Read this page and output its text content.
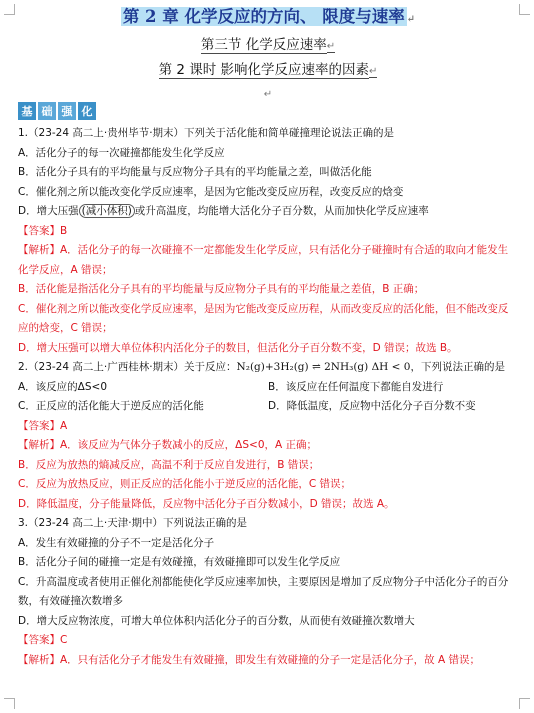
第 2 章 化学反应的方向、 限度与速率 ↵

第三节 化学反应速率↵

第 2 课时 影响化学反应速率的因素↵

↵
基 础 强 化
1.（23-24 高二上·贵州毕节·期末）下列关于活化能和简单碰撞理论说法正确的是
A．活化分子的每一次碰撞都能发生化学反应
B．活化分子具有的平均能量与反应物分子具有的平均能量之差，叫做活化能
C．催化剂之所以能改变化学反应速率，是因为它能改变反应历程，改变反应的焓变
D．增大压强 (减小体积) 或升高温度，均能增大活化分子百分数，从而加快化学反应速率
【答案】B
【解析】A．活化分子的每一次碰撞不一定都能发生化学反应，只有活化分子碰撞时有合适的取向才能发生
化学反应，A 错误；
B．活化能是指活化分子具有的平均能量与反应物分子具有的平均能量之差值，B 正确；
C．催化剂之所以能改变化学反应速率，是因为它能改变反应历程，从而改变反应的活化能，但不能改变反
应的焓变，C 错误；
D．增大压强可以增大单位体积内活化分子的数目，但活化分子百分数不变，D 错误；故选 B。
2.（23-24 高二上·广西桂林·期末）关于反应：N₂(g)+3H₂(g) ⇌ 2NH₃(g) ΔH < 0，下列说法正确的是
A．该反应的ΔS<0	B．该反应在任何温度下都能自发进行
C．正反应的活化能大于逆反应的活化能	D．降低温度，反应物中活化分子百分数不变
【答案】A
【解析】A．该反应为气体分子数减小的反应，ΔS<0，A 正确；
B．反应为放热的熵减反应，高温不利于反应自发进行，B 错误；
C．反应为放热反应，则正反应的活化能小于逆反应的活化能，C 错误；
D．降低温度，分子能量降低，反应物中活化分子百分数减小，D 错误；故选 A。
3.（23-24 高二上·天津·期中）下列说法正确的是
A．发生有效碰撞的分子不一定是活化分子
B．活化分子间的碰撞一定是有效碰撞，有效碰撞即可以发生化学反应
C．升高温度或者使用正催化剂都能使化学反应速率加快，主要原因是增加了反应物分子中活化分子的百分
数，有效碰撞次数增多
D．增大反应物浓度，可增大单位体积内活化分子的百分数，从而使有效碰撞次数增大
【答案】C
【解析】A．只有活化分子才能发生有效碰撞，即发生有效碰撞的分子一定是活化分子，故 A 错误；
